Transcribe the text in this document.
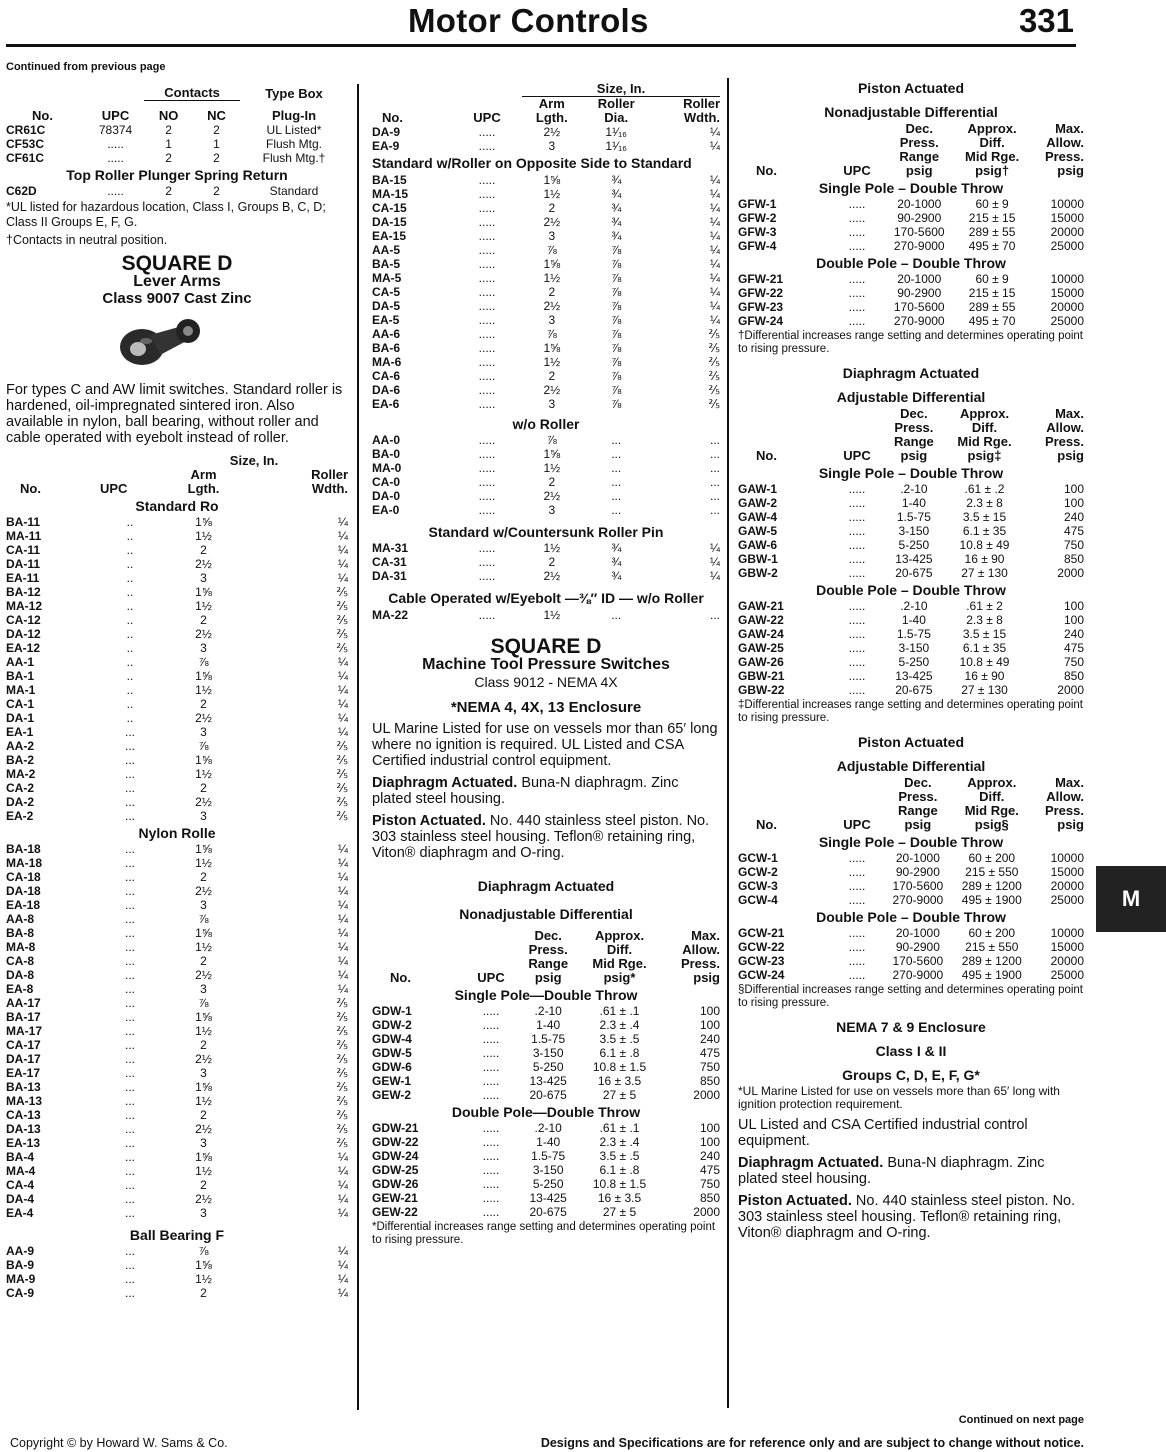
Motor Controls	331
Continued from previous page
		Contacts		Type Box
No.	UPC	NO	NC	Plug-In
CR61C	78374	2	2	UL Listed*
CF53C	.....	1	1	Flush Mtg.
CF61C	.....	2	2	Flush Mtg.†
Top Roller Plunger Spring Return				
C62D	.....	2	2	Standard
*UL listed for hazardous location, Class I, Groups B, C, D; Class II Groups E, F, G.
†Contacts in neutral position.
SQUARE D
Lever Arms
Class 9007 Cast Zinc
For types C and AW limit switches. Standard roller is hardened, oil-impregnated sintered iron. Also available in nylon, ball bearing, without roller and cable operated with eyebolt instead of roller.
		Size, In.	
		Arm	Roller
No.	UPC	Lgth.	Wdth.
Standard Ro			
BA-11	..	1⅝	¼
MA-11	..	1½	¼
CA-11	..	2	¼
DA-11	..	2½	¼
EA-11	..	3	¼
BA-12	..	1⅝	⅖
MA-12	..	1½	⅖
CA-12	..	2	⅖
DA-12	..	2½	⅖
EA-12	..	3	⅖
AA-1	..	⅞	¼
BA-1	..	1⅝	¼
MA-1	..	1½	¼
CA-1	..	2	¼
DA-1	..	2½	¼
EA-1	...	3	¼
AA-2	...	⅞	⅖
BA-2	...	1⅝	⅖
MA-2	...	1½	⅖
CA-2	...	2	⅖
DA-2	...	2½	⅖
EA-2	...	3	⅖
Nylon Rolle			
BA-18	...	1⅝	¼
MA-18	...	1½	¼
CA-18	...	2	¼
DA-18	...	2½	¼
EA-18	...	3	¼
AA-8	...	⅞	¼
BA-8	...	1⅝	¼
MA-8	...	1½	¼
CA-8	...	2	¼
DA-8	...	2½	¼
EA-8	...	3	¼
AA-17	...	⅞	⅖
BA-17	...	1⅝	⅖
MA-17	...	1½	⅖
CA-17	...	2	⅖
DA-17	...	2½	⅖
EA-17	...	3	⅖
BA-13	...	1⅝	⅖
MA-13	...	1½	⅖
CA-13	...	2	⅖
DA-13	...	2½	⅖
EA-13	...	3	⅖
BA-4	...	1⅝	¼
MA-4	...	1½	¼
CA-4	...	2	¼
DA-4	...	2½	¼
EA-4	...	3	¼
Ball Bearing F			
AA-9	...	⅞	¼
BA-9	...	1⅝	¼
MA-9	...	1½	¼
CA-9	...	2	¼
		Size, In.		
		Arm	Roller	Roller
No.	UPC	Lgth.	Dia.	Wdth.
DA-9	.....	2½	1¹⁄₁₆	¼
EA-9	.....	3	1¹⁄₁₆	¼
Standard w/Roller on Opposite Side to Standard				
BA-15	.....	1⅝	¾	¼
MA-15	.....	1½	¾	¼
CA-15	.....	2	¾	¼
DA-15	.....	2½	¾	¼
EA-15	.....	3	¾	¼
AA-5	.....	⅞	⅞	¼
BA-5	.....	1⅝	⅞	¼
MA-5	.....	1½	⅞	¼
CA-5	.....	2	⅞	¼
DA-5	.....	2½	⅞	¼
EA-5	.....	3	⅞	¼
AA-6	.....	⅞	⅞	⅖
BA-6	.....	1⅝	⅞	⅖
MA-6	.....	1½	⅞	⅖
CA-6	.....	2	⅞	⅖
DA-6	.....	2½	⅞	⅖
EA-6	.....	3	⅞	⅖
w/o Roller				
AA-0	.....	⅞	...	...
BA-0	.....	1⅝	...	...
MA-0	.....	1½	...	...
CA-0	.....	2	...	...
DA-0	.....	2½	...	...
EA-0	.....	3	...	...
Standard w/Countersunk Roller Pin				
MA-31	.....	1½	¾	¼
CA-31	.....	2	¾	¼
DA-31	.....	2½	¾	¼
Cable Operated w/Eyebolt —⅜″ ID — w/o Roller				
MA-22	.....	1½	...	...
SQUARE D
Machine Tool Pressure Switches
Class 9012 - NEMA 4X
*NEMA 4, 4X, 13 Enclosure
UL Marine Listed for use on vessels mor than 65′ long where no ignition is required. UL Listed and CSA Certified industrial control equipment.
Diaphragm Actuated. Buna-N diaphragm. Zinc plated steel housing.
Piston Actuated. No. 440 stainless steel piston. No. 303 stainless steel housing. Teflon® retaining ring, Viton® diaphragm and O-ring.
Diaphragm Actuated
Nonadjustable Differential
		Dec.	Approx.	Max.
		Press.	Diff.	Allow.
		Range	Mid Rge.	Press.
No.	UPC	psig	psig*	psig
Single Pole—Double Throw				
GDW-1	.....	.2-10	.61 ± .1	100
GDW-2	.....	1-40	2.3 ± .4	100
GDW-4	.....	1.5-75	3.5 ± .5	240
GDW-5	.....	3-150	6.1 ± .8	475
GDW-6	.....	5-250	10.8 ± 1.5	750
GEW-1	.....	13-425	16 ± 3.5	850
GEW-2	.....	20-675	27 ± 5	2000
Double Pole—Double Throw				
GDW-21	.....	.2-10	.61 ± .1	100
GDW-22	.....	1-40	2.3 ± .4	100
GDW-24	.....	1.5-75	3.5 ± .5	240
GDW-25	.....	3-150	6.1 ± .8	475
GDW-26	.....	5-250	10.8 ± 1.5	750
GEW-21	.....	13-425	16 ± 3.5	850
GEW-22	.....	20-675	27 ± 5	2000
*Differential increases range setting and determines operating point to rising pressure.
Piston Actuated
Nonadjustable Differential
		Dec.	Approx.	Max.
		Press.	Diff.	Allow.
		Range	Mid Rge.	Press.
No.	UPC	psig	psig†	psig
Single Pole – Double Throw				
GFW-1	.....	20-1000	60 ± 9	10000
GFW-2	.....	90-2900	215 ± 15	15000
GFW-3	.....	170-5600	289 ± 55	20000
GFW-4	.....	270-9000	495 ± 70	25000
Double Pole – Double Throw				
GFW-21	.....	20-1000	60 ± 9	10000
GFW-22	.....	90-2900	215 ± 15	15000
GFW-23	.....	170-5600	289 ± 55	20000
GFW-24	.....	270-9000	495 ± 70	25000
†Differential increases range setting and determines operating point to rising pressure.
Diaphragm Actuated
Adjustable Differential
		Dec.	Approx.	Max.
		Press.	Diff.	Allow.
		Range	Mid Rge.	Press.
No.	UPC	psig	psig‡	psig
Single Pole – Double Throw				
GAW-1	.....	.2-10	.61 ± .2	100
GAW-2	.....	1-40	2.3 ± 8	100
GAW-4	.....	1.5-75	3.5 ± 15	240
GAW-5	.....	3-150	6.1 ± 35	475
GAW-6	.....	5-250	10.8 ± 49	750
GBW-1	.....	13-425	16 ± 90	850
GBW-2	.....	20-675	27 ± 130	2000
Double Pole – Double Throw				
GAW-21	.....	.2-10	.61 ± 2	100
GAW-22	.....	1-40	2.3 ± 8	100
GAW-24	.....	1.5-75	3.5 ± 15	240
GAW-25	.....	3-150	6.1 ± 35	475
GAW-26	.....	5-250	10.8 ± 49	750
GBW-21	.....	13-425	16 ± 90	850
GBW-22	.....	20-675	27 ± 130	2000
‡Differential increases range setting and determines operating point to rising pressure.
Piston Actuated
Adjustable Differential
		Dec.	Approx.	Max.
		Press.	Diff.	Allow.
		Range	Mid Rge.	Press.
No.	UPC	psig	psig§	psig
Single Pole – Double Throw				
GCW-1	.....	20-1000	60 ± 200	10000
GCW-2	.....	90-2900	215 ± 550	15000
GCW-3	.....	170-5600	289 ± 1200	20000
GCW-4	.....	270-9000	495 ± 1900	25000
Double Pole – Double Throw				
GCW-21	.....	20-1000	60 ± 200	10000
GCW-22	.....	90-2900	215 ± 550	15000
GCW-23	.....	170-5600	289 ± 1200	20000
GCW-24	.....	270-9000	495 ± 1900	25000
§Differential increases range setting and determines operating point to rising pressure.
NEMA 7 & 9 Enclosure
Class I & II
Groups C, D, E, F, G*
*UL Marine Listed for use on vessels more than 65′ long with ignition protection requirement.
UL Listed and CSA Certified industrial control equipment.
Diaphragm Actuated. Buna-N diaphragm. Zinc plated steel housing.
Piston Actuated. No. 440 stainless steel piston. No. 303 stainless steel housing. Teflon® retaining ring, Viton® diaphragm and O-ring.
Continued on next page
M
Copyright © by Howard W. Sams & Co.	Designs and Specifications are for reference only and are subject to change without notice.
